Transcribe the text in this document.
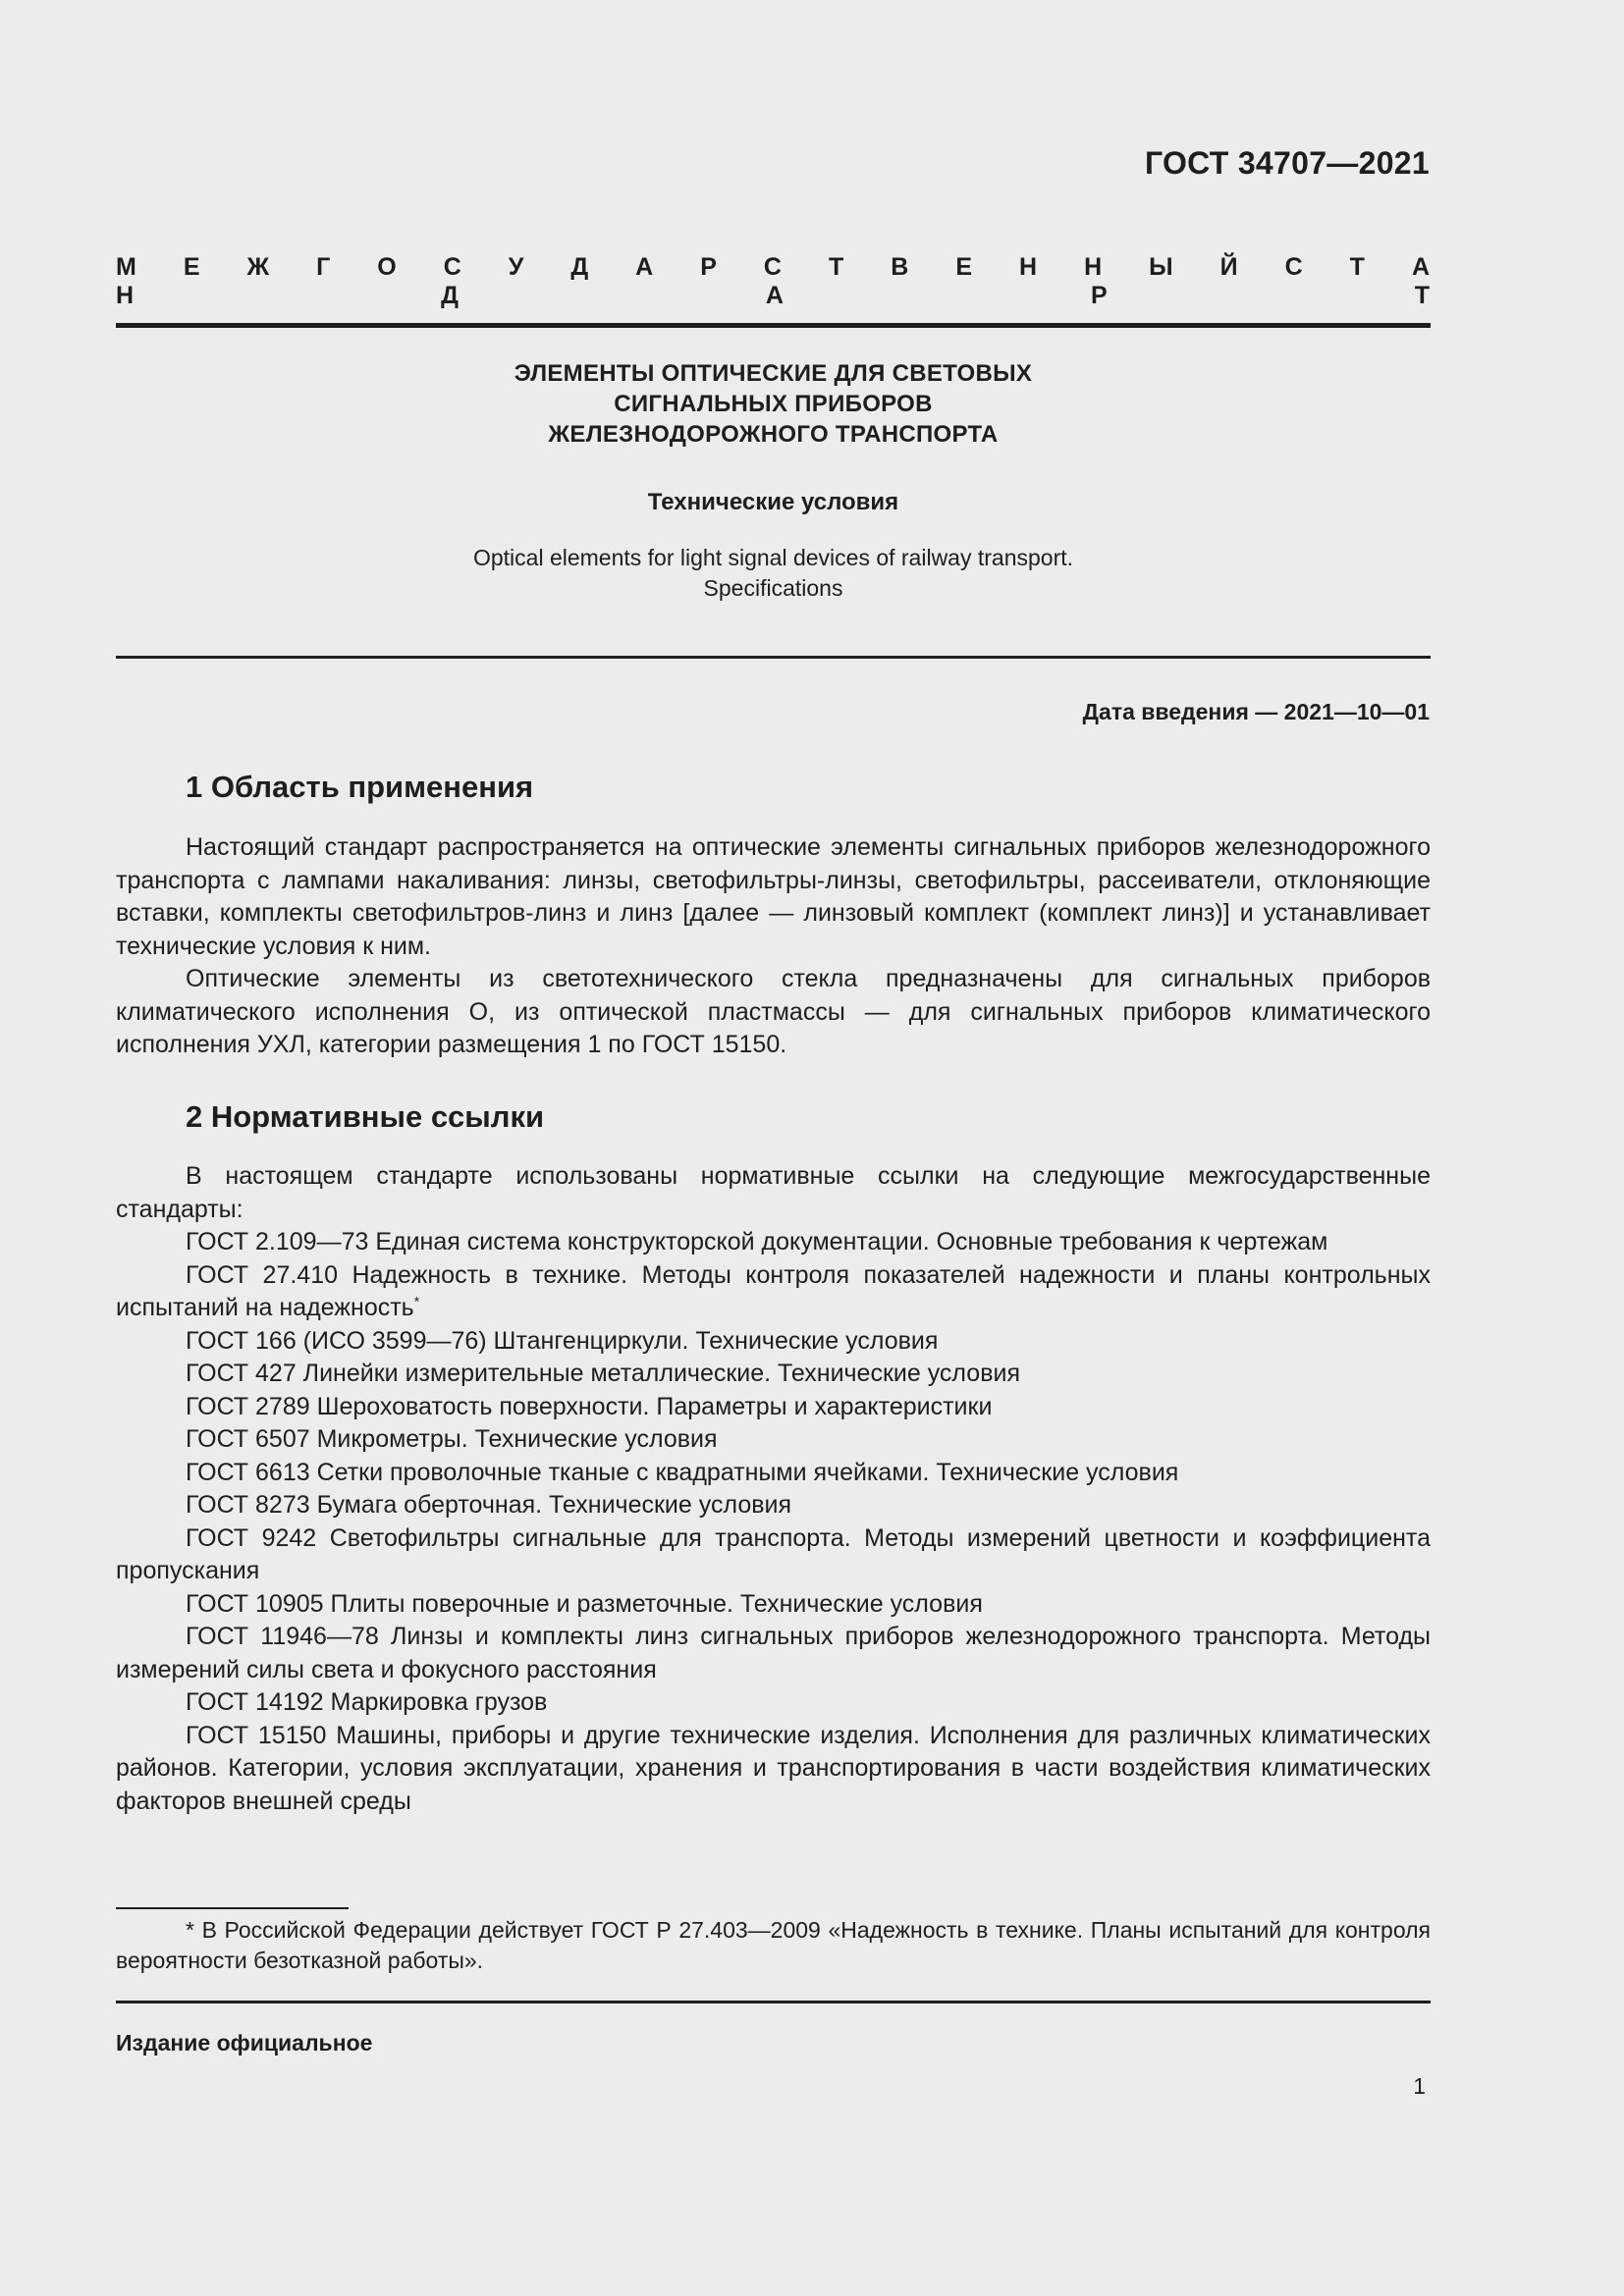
ГОСТ 34707—2021
М Е Ж Г О С У Д А Р С Т В Е Н Н Ы Й С Т А Н Д А Р Т
ЭЛЕМЕНТЫ ОПТИЧЕСКИЕ ДЛЯ СВЕТОВЫХ
СИГНАЛЬНЫХ ПРИБОРОВ
ЖЕЛЕЗНОДОРОЖНОГО ТРАНСПОРТА
Технические условия
Optical elements for light signal devices of railway transport.
Specifications
Дата введения — 2021—10—01
1 Область применения

Настоящий стандарт распространяется на оптические элементы сигнальных приборов железнодорожного транспорта с лампами накаливания: линзы, светофильтры-линзы, светофильтры, рассеиватели, отклоняющие вставки, комплекты светофильтров-линз и линз [далее — линзовый комплект (комплект линз)] и устанавливает технические условия к ним.

Оптические элементы из светотехнического стекла предназначены для сигнальных приборов климатического исполнения О, из оптической пластмассы — для сигнальных приборов климатического исполнения УХЛ, категории размещения 1 по ГОСТ 15150.

2 Нормативные ссылки

В настоящем стандарте использованы нормативные ссылки на следующие межгосударственные стандарты:

ГОСТ 2.109—73 Единая система конструкторской документации. Основные требования к чертежам

ГОСТ 27.410 Надежность в технике. Методы контроля показателей надежности и планы контрольных испытаний на надежность*

ГОСТ 166 (ИСО 3599—76) Штангенциркули. Технические условия

ГОСТ 427 Линейки измерительные металлические. Технические условия

ГОСТ 2789 Шероховатость поверхности. Параметры и характеристики

ГОСТ 6507 Микрометры. Технические условия

ГОСТ 6613 Сетки проволочные тканые с квадратными ячейками. Технические условия

ГОСТ 8273 Бумага оберточная. Технические условия

ГОСТ 9242 Светофильтры сигнальные для транспорта. Методы измерений цветности и коэффициента пропускания

ГОСТ 10905 Плиты поверочные и разметочные. Технические условия

ГОСТ 11946—78 Линзы и комплекты линз сигнальных приборов железнодорожного транспорта. Методы измерений силы света и фокусного расстояния

ГОСТ 14192 Маркировка грузов

ГОСТ 15150 Машины, приборы и другие технические изделия. Исполнения для различных климатических районов. Категории, условия эксплуатации, хранения и транспортирования в части воздействия климатических факторов внешней среды

* В Российской Федерации действует ГОСТ Р 27.403—2009 «Надежность в технике. Планы испытаний для контроля вероятности безотказной работы».
Издание официальное
1
